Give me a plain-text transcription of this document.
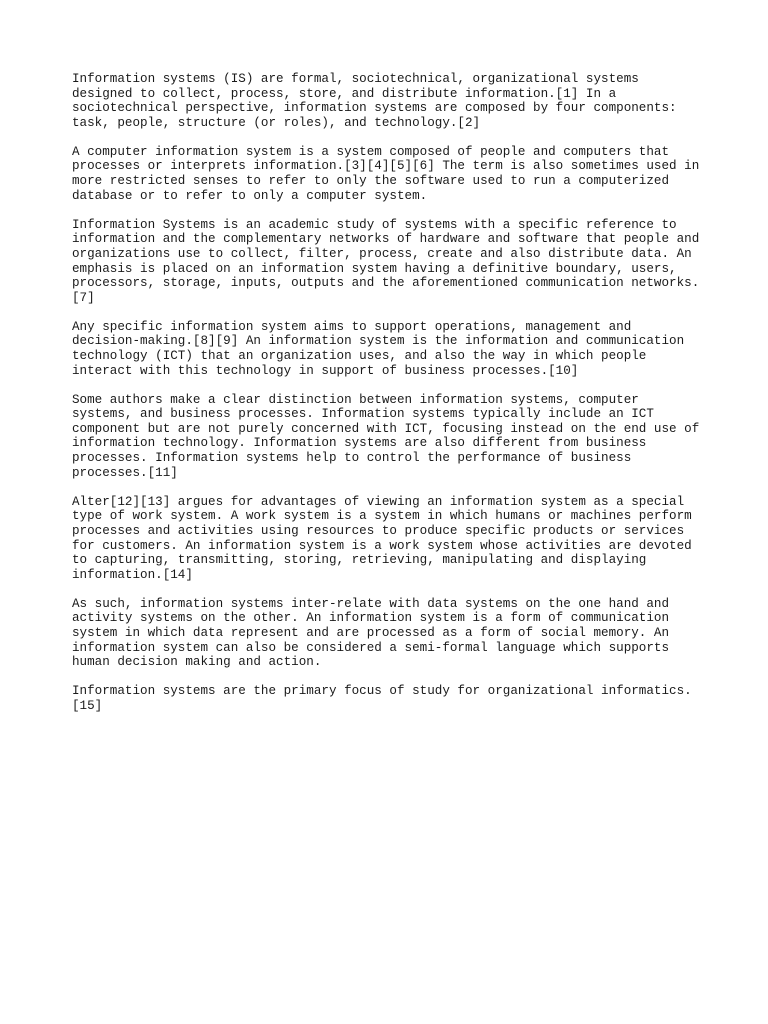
Information systems (IS) are formal, sociotechnical, organizational systems
designed to collect, process, store, and distribute information.[1] In a
sociotechnical perspective, information systems are composed by four components:
task, people, structure (or roles), and technology.[2]

A computer information system is a system composed of people and computers that
processes or interprets information.[3][4][5][6] The term is also sometimes used in
more restricted senses to refer to only the software used to run a computerized
database or to refer to only a computer system.

Information Systems is an academic study of systems with a specific reference to
information and the complementary networks of hardware and software that people and
organizations use to collect, filter, process, create and also distribute data. An
emphasis is placed on an information system having a definitive boundary, users,
processors, storage, inputs, outputs and the aforementioned communication networks.
[7]

Any specific information system aims to support operations, management and
decision-making.[8][9] An information system is the information and communication
technology (ICT) that an organization uses, and also the way in which people
interact with this technology in support of business processes.[10]

Some authors make a clear distinction between information systems, computer
systems, and business processes. Information systems typically include an ICT
component but are not purely concerned with ICT, focusing instead on the end use of
information technology. Information systems are also different from business
processes. Information systems help to control the performance of business
processes.[11]

Alter[12][13] argues for advantages of viewing an information system as a special
type of work system. A work system is a system in which humans or machines perform
processes and activities using resources to produce specific products or services
for customers. An information system is a work system whose activities are devoted
to capturing, transmitting, storing, retrieving, manipulating and displaying
information.[14]

As such, information systems inter-relate with data systems on the one hand and
activity systems on the other. An information system is a form of communication
system in which data represent and are processed as a form of social memory. An
information system can also be considered a semi-formal language which supports
human decision making and action.

Information systems are the primary focus of study for organizational informatics.
[15]
